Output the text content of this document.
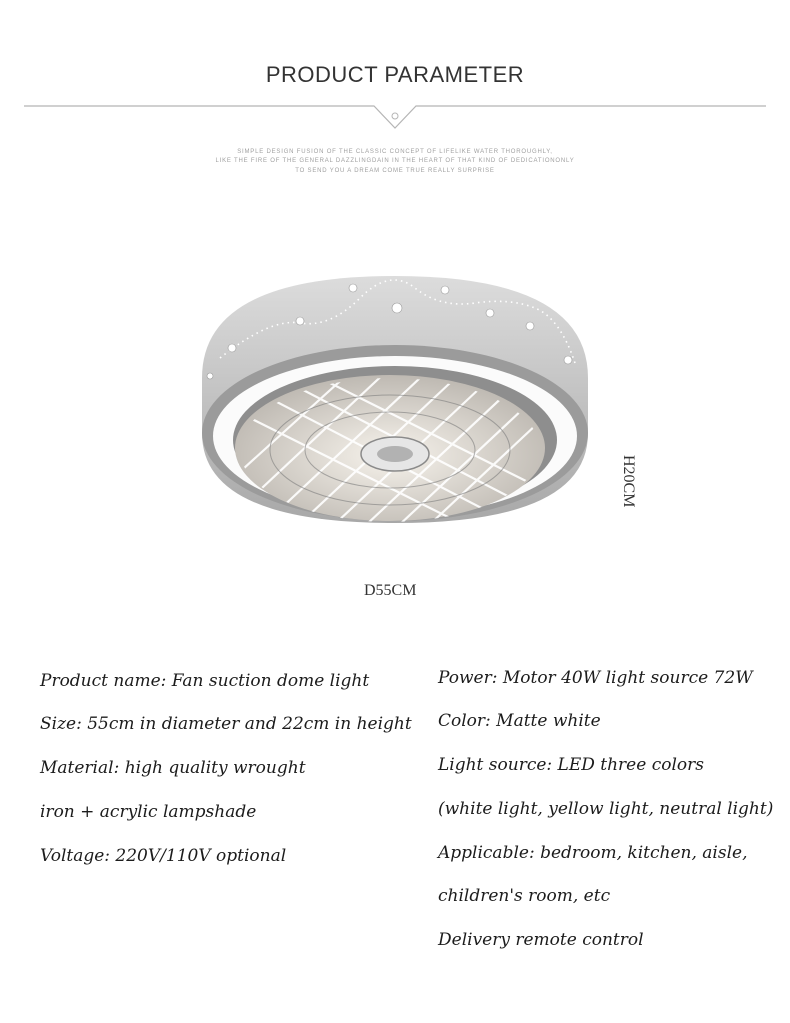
PRODUCT PARAMETER
SIMPLE DESIGN FUSION OF THE CLASSIC CONCEPT OF LIFELIKE WATER THOROUGHLY,
LIKE THE FIRE OF THE GENERAL DAZZLINGDAIN IN THE HEART OF THAT KIND OF DEDICATIONONLY
TO SEND YOU A DREAM COME TRUE REALLY SURPRISE
D55CM
H20CM
Product name: Fan suction dome light
Size: 55cm in diameter and 22cm in height
Material: high quality wrought
iron + acrylic lampshade
Voltage: 220V/110V optional
Power: Motor 40W light source 72W
Color: Matte white
Light source: LED three colors
(white light, yellow light, neutral light)
Applicable: bedroom, kitchen, aisle,
children's room, etc
Delivery remote control
